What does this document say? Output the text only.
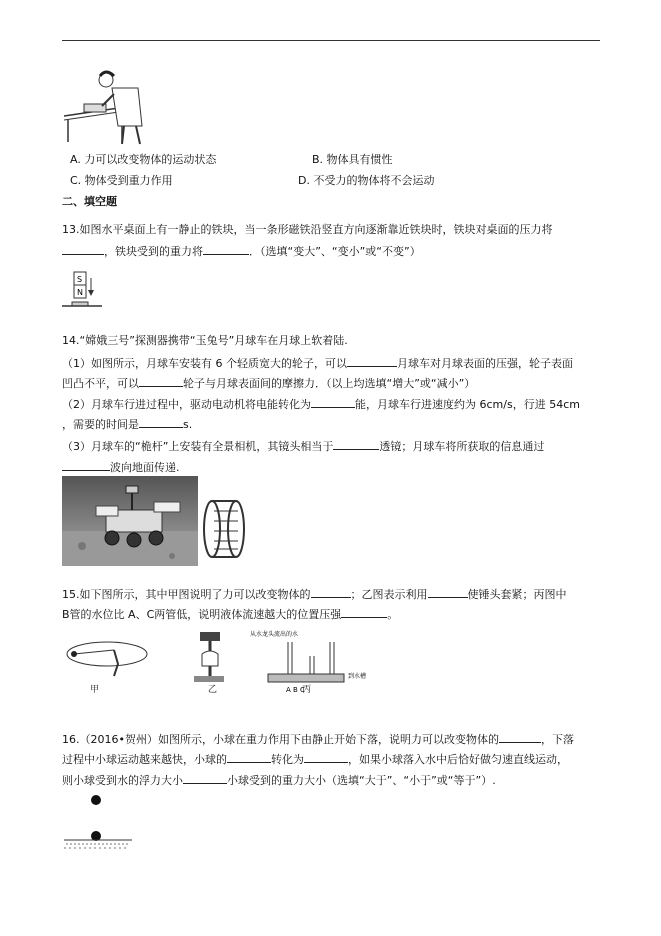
A. 力可以改变物体的运动状态	B. 物体具有惯性
C. 物体受到重力作用	D. 不受力的物体将不会运动
二、填空题
13.如图水平桌面上有一静止的铁块，当一条形磁铁沿竖直方向逐渐靠近铁块时，铁块对桌面的压力将
，铁块受到的重力将	．（选填“变大”、“变小”或“不变”）
S
N
14.“嫦娥三号”探测器携带“玉兔号”月球车在月球上软着陆.
（1）如图所示，月球车安装有 6 个轻质宽大的轮子，可以	月球车对月球表面的压强，轮子表面
凹凸不平，可以	轮子与月球表面间的摩擦力．（以上均选填“增大”或“减小”）
（2）月球车行进过程中，驱动电动机将电能转化为	能，月球车行进速度约为 6cm/s，行进 54cm
，需要的时间是	s.
（3）月球车的“桅杆”上安装有全景相机，其镜头相当于	透镜；月球车将所获取的信息通过
波向地面传递.
15.如下图所示，其中甲图说明了力可以改变物体的	；乙图表示利用	使锤头套紧；丙图中
B管的水位比 A、C两管低，说明液体流速越大的位置压强	。
甲	乙
从水龙头流出的水
A B C
到水槽
丙
16.（2016•贺州）如图所示，小球在重力作用下由静止开始下落，说明力可以改变物体的	，下落
过程中小球运动越来越快，小球的	转化为	，如果小球落入水中后恰好做匀速直线运动，
则小球受到水的浮力大小	小球受到的重力大小（选填“大于”、“小于”或“等于”）.
